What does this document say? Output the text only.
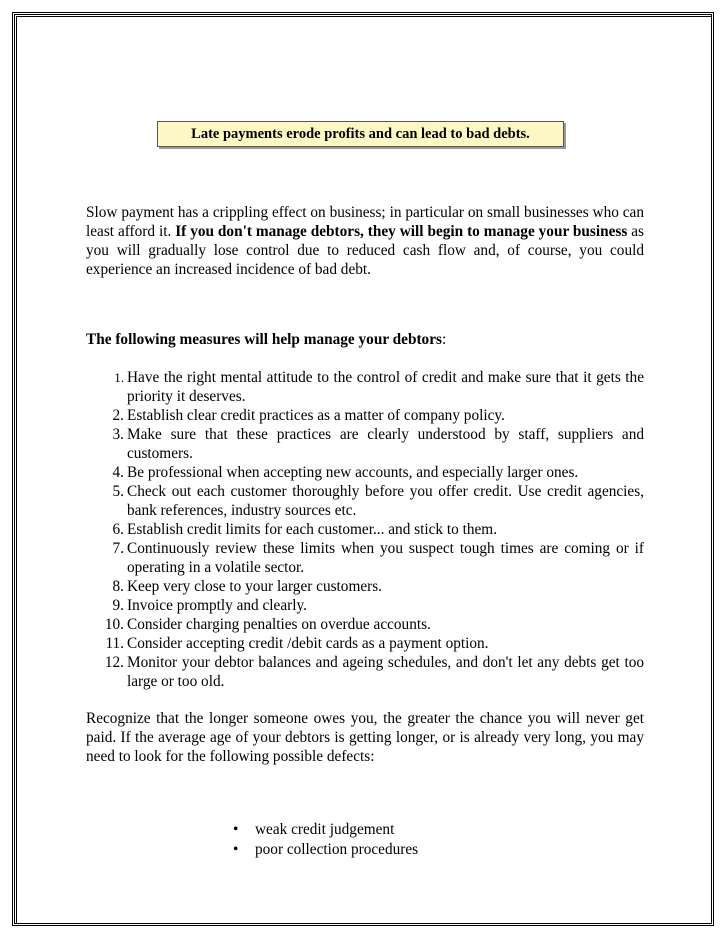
Late payments erode profits and can lead to bad debts.

Slow payment has a crippling effect on business; in particular on small businesses who can least afford it. If you don't manage debtors, they will begin to manage your business as you will gradually lose control due to reduced cash flow and, of course, you could experience an increased incidence of bad debt.

The following measures will help manage your debtors:

1. Have the right mental attitude to the control of credit and make sure that it gets the priority it deserves.
2. Establish clear credit practices as a matter of company policy.
3. Make sure that these practices are clearly understood by staff, suppliers and customers.
4. Be professional when accepting new accounts, and especially larger ones.
5. Check out each customer thoroughly before you offer credit. Use credit agencies, bank references, industry sources etc.
6. Establish credit limits for each customer... and stick to them.
7. Continuously review these limits when you suspect tough times are coming or if operating in a volatile sector.
8. Keep very close to your larger customers.
9. Invoice promptly and clearly.
10. Consider charging penalties on overdue accounts.
11. Consider accepting credit /debit cards as a payment option.
12. Monitor your debtor balances and ageing schedules, and don't let any debts get too large or too old.

Recognize that the longer someone owes you, the greater the chance you will never get paid. If the average age of your debtors is getting longer, or is already very long, you may need to look for the following possible defects:

• weak credit judgement
• poor collection procedures
